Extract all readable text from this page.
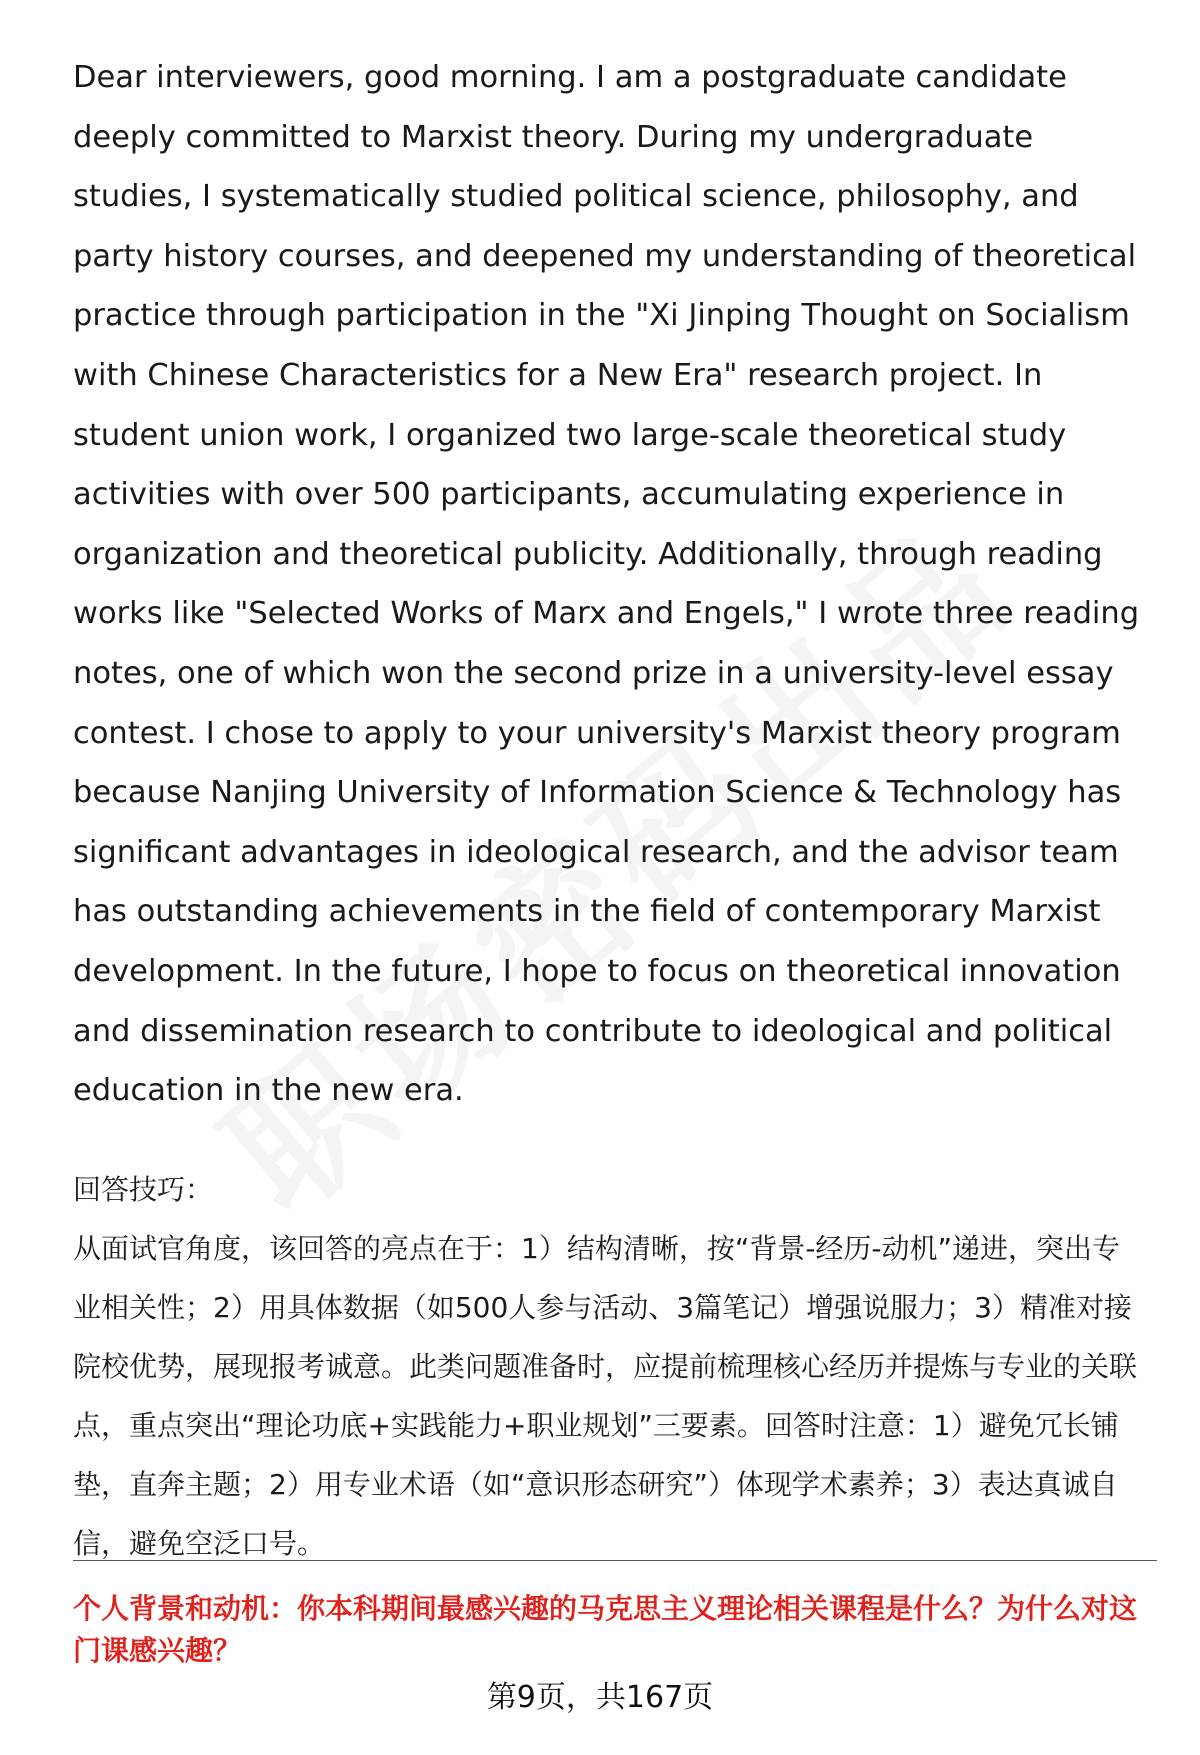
Dear interviewers, good morning. I am a postgraduate candidate deeply committed to Marxist theory. During my undergraduate studies, I systematically studied political science, philosophy, and party history courses, and deepened my understanding of theoretical practice through participation in the "Xi Jinping Thought on Socialism with Chinese Characteristics for a New Era" research project. In student union work, I organized two large-scale theoretical study activities with over 500 participants, accumulating experience in organization and theoretical publicity. Additionally, through reading works like "Selected Works of Marx and Engels," I wrote three reading notes, one of which won the second prize in a university-level essay contest. I chose to apply to your university's Marxist theory program because Nanjing University of Information Science & Technology has significant advantages in ideological research, and the advisor team has outstanding achievements in the field of contemporary Marxist development. In the future, I hope to focus on theoretical innovation and dissemination research to contribute to ideological and political education in the new era.

回答技巧：

从面试官角度，该回答的亮点在于：1）结构清晰，按“背景-经历-动机”递进，突出专业相关性；2）用具体数据（如500人参与活动、3篇笔记）增强说服力；3）精准对接院校优势，展现报考诚意。此类问题准备时，应提前梳理核心经历并提炼与专业的关联点，重点突出“理论功底+实践能力+职业规划”三要素。回答时注意：1）避免冗长铺垫，直奔主题；2）用专业术语（如“意识形态研究”）体现学术素养；3）表达真诚自信，避免空泛口号。

个人背景和动机：你本科期间最感兴趣的马克思主义理论相关课程是什么？为什么对这门课感兴趣？

第9页，共167页
